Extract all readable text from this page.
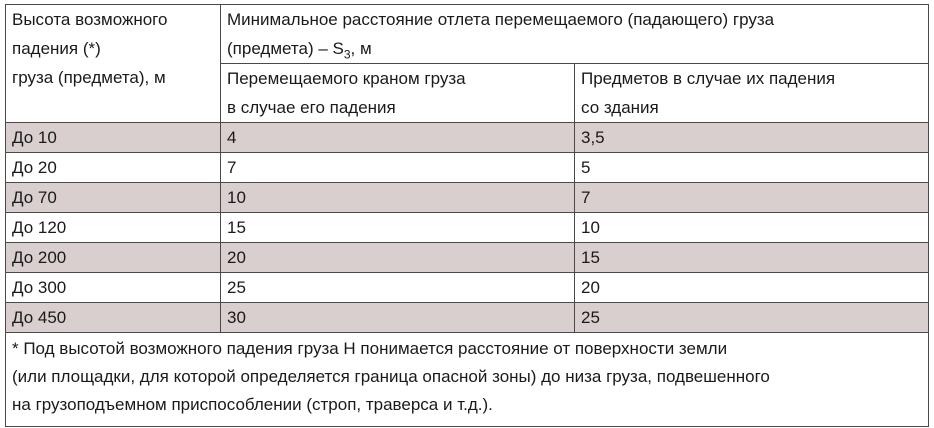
Высота возможного
падения (*)
груза (предмета), м	Минимальное расстояние отлета перемещаемого (падающего) груза
(предмета) – $S_3$, м	

	Перемещаемого краном груза
в случае его падения	Предметов в случае их падения
со здания

До 10	4	3,5
До 20	7	5
До 70	10	7
До 120	15	10
До 200	20	15
До 300	25	20
До 450	30	25

* Под высотой возможного падения груза H понимается расстояние от поверхности земли
(или площадки, для которой определяется граница опасной зоны) до низа груза, подвешенного
на грузоподъемном приспособлении (строп, траверса и т.д.).		
